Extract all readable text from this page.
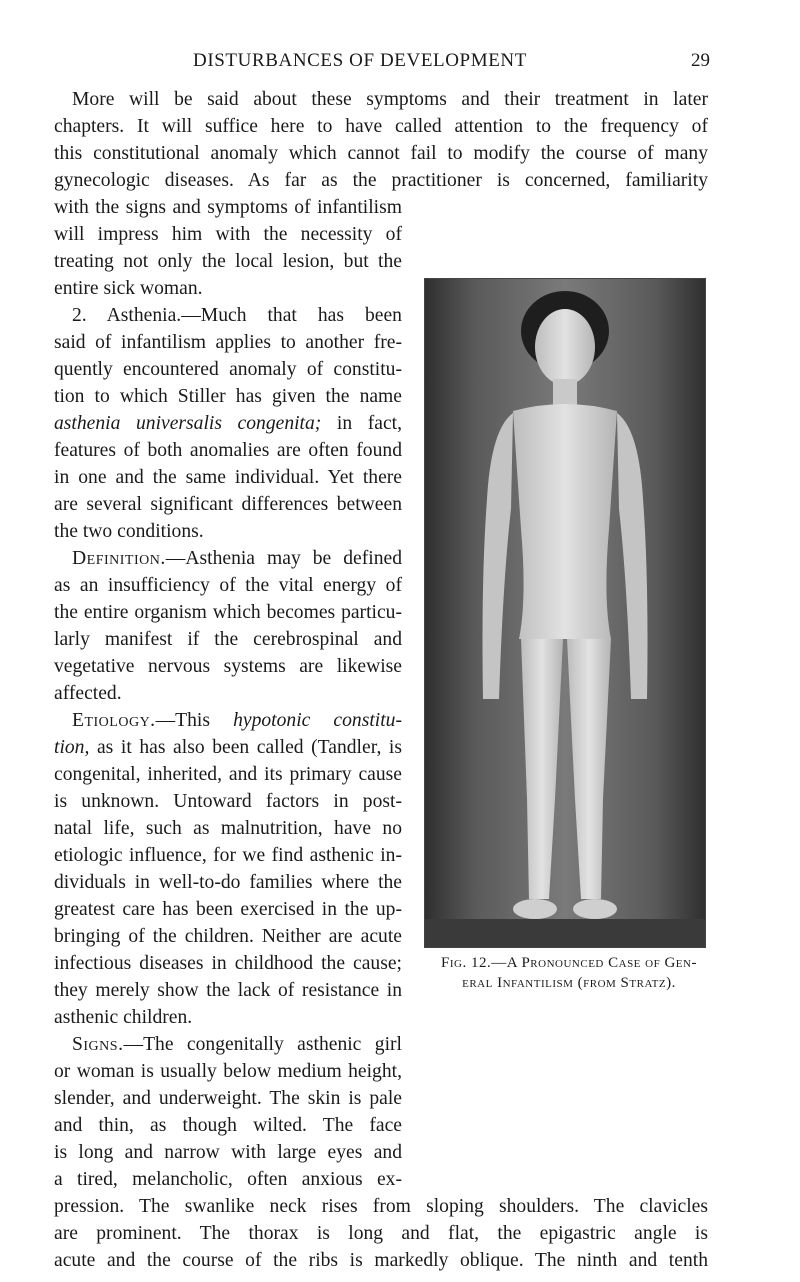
DISTURBANCES OF DEVELOPMENT	29
More will be said about these symptoms and their treatment in later
chapters. It will suffice here to have called attention to the frequency of
this constitutional anomaly which cannot fail to modify the course of many
gynecologic diseases. As far as the practitioner is concerned, familiarity
with the signs and symptoms of infantilism
will impress him with the necessity of
treating not only the local lesion, but the
entire sick woman.
2. Asthenia.—Much that has been
said of infantilism applies to another fre-
quently encountered anomaly of constitu-
tion to which Stiller has given the name
asthenia universalis congenita; in fact,
features of both anomalies are often found
in one and the same individual. Yet there
are several significant differences between
the two conditions.
Definition.—Asthenia may be defined
as an insufficiency of the vital energy of
the entire organism which becomes particu-
larly manifest if the cerebrospinal and
vegetative nervous systems are likewise
affected.
Etiology.—This hypotonic constitu-
tion, as it has also been called (Tandler, is
congenital, inherited, and its primary cause
is unknown. Untoward factors in post-
natal life, such as malnutrition, have no
etiologic influence, for we find asthenic in-
dividuals in well-to-do families where the
greatest care has been exercised in the up-
bringing of the children. Neither are acute
infectious diseases in childhood the cause;
they merely show the lack of resistance in
asthenic children.
Signs.—The congenitally asthenic girl
or woman is usually below medium height,
slender, and underweight. The skin is pale
and thin, as though wilted. The face
is long and narrow with large eyes and
a tired, melancholic, often anxious ex-
pression. The swanlike neck rises from sloping shoulders. The clavicles
are prominent. The thorax is long and flat, the epigastric angle is
acute and the course of the ribs is markedly oblique. The ninth and tenth
Fig. 12.—A Pronounced Case of Gen-
eral Infantilism (from Stratz).
